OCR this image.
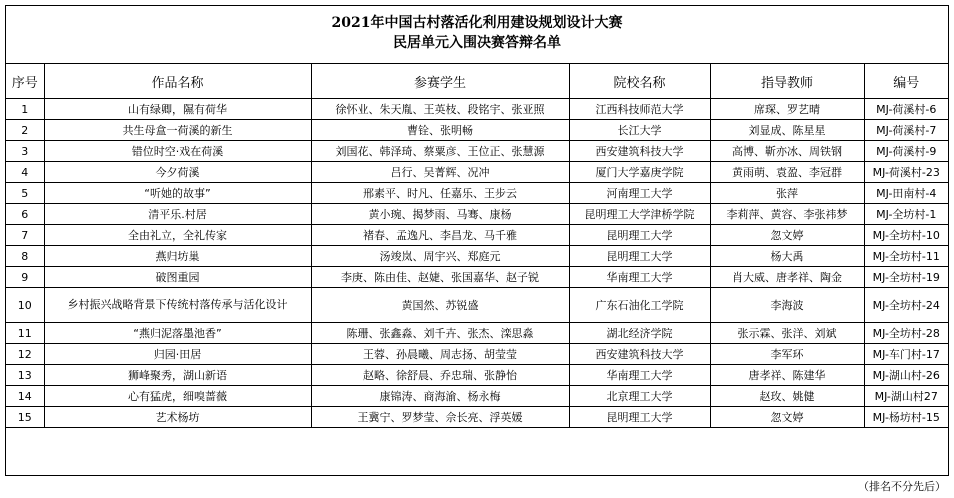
2021年中国古村落活化利用建设规划设计大赛
民居单元入围决赛答辩名单
序号	作品名称	参赛学生	院校名称	指导教师	编号
1	山有绿卿，隰有荷华	徐怀业、朱天胤、王英枝、段铭宇、张亚照	江西科技师范大学	席琛、罗艺晴	MJ-荷溪村-6
2	共生母盒一荷溪的新生	曹铨、张明畅	长江大学	刘显成、陈星星	MJ-荷溪村-7
3	错位时空·戏在荷溪	刘国花、韩泽琦、蔡粟彦、王位正、张慧源	西安建筑科技大学	高博、靳亦冰、周铁钢	MJ-荷溪村-9
4	今夕荷溪	吕行、吴菁辉、况冲	厦门大学嘉庚学院	黄雨萌、袁盈、李冠群	MJ-荷溪村-23
5	“听她的故事”	邢素平、时凡、任嘉乐、王步云	河南理工大学	张萍	MJ-田南村-4
6	清平乐.村居	黄小琬、揭梦雨、马骞、康杨	昆明理工大学津桥学院	李莉萍、黄容、李张祎梦	MJ-全坊村-1
7	全由礼立，全礼传家	褚春、孟逸凡、李昌龙、马千雅	昆明理工大学	忽文婷	MJ-全坊村-10
8	燕归坊巢	汤竣岚、周宇兴、郑庭元	昆明理工大学	杨大禹	MJ-全坊村-11
9	破图重园	李庚、陈由佳、赵婕、张国嘉华、赵子锐	华南理工大学	肖大威、唐孝祥、陶金	MJ-全坊村-19
10	乡村振兴战略背景下传统村落传承与活化设计	黄国然、苏锐盛	广东石油化工学院	李海波	MJ-全坊村-24
11	“燕归泥落墨池香”	陈珊、张鑫淼、刘千卉、张杰、滦思淼	湖北经济学院	张示霖、张洋、刘斌	MJ-全坊村-28
12	归园·田居	王蓉、孙晨曦、周志扬、胡莹莹	西安建筑科技大学	李军环	MJ-车门村-17
13	狮峰聚秀，湖山新语	赵略、徐舒晨、乔忠瑞、张静怡	华南理工大学	唐孝祥、陈建华	MJ-湖山村-26
14	心有猛虎，细嗅蔷薇	康锦涛、商海渝、杨永梅	北京理工大学	赵玫、姚健	MJ-湖山村27
15	艺术杨坊	王冀宁、罗梦莹、佘长亮、浮英媛	昆明理工大学	忽文婷	MJ-杨坊村-15
（排名不分先后）
